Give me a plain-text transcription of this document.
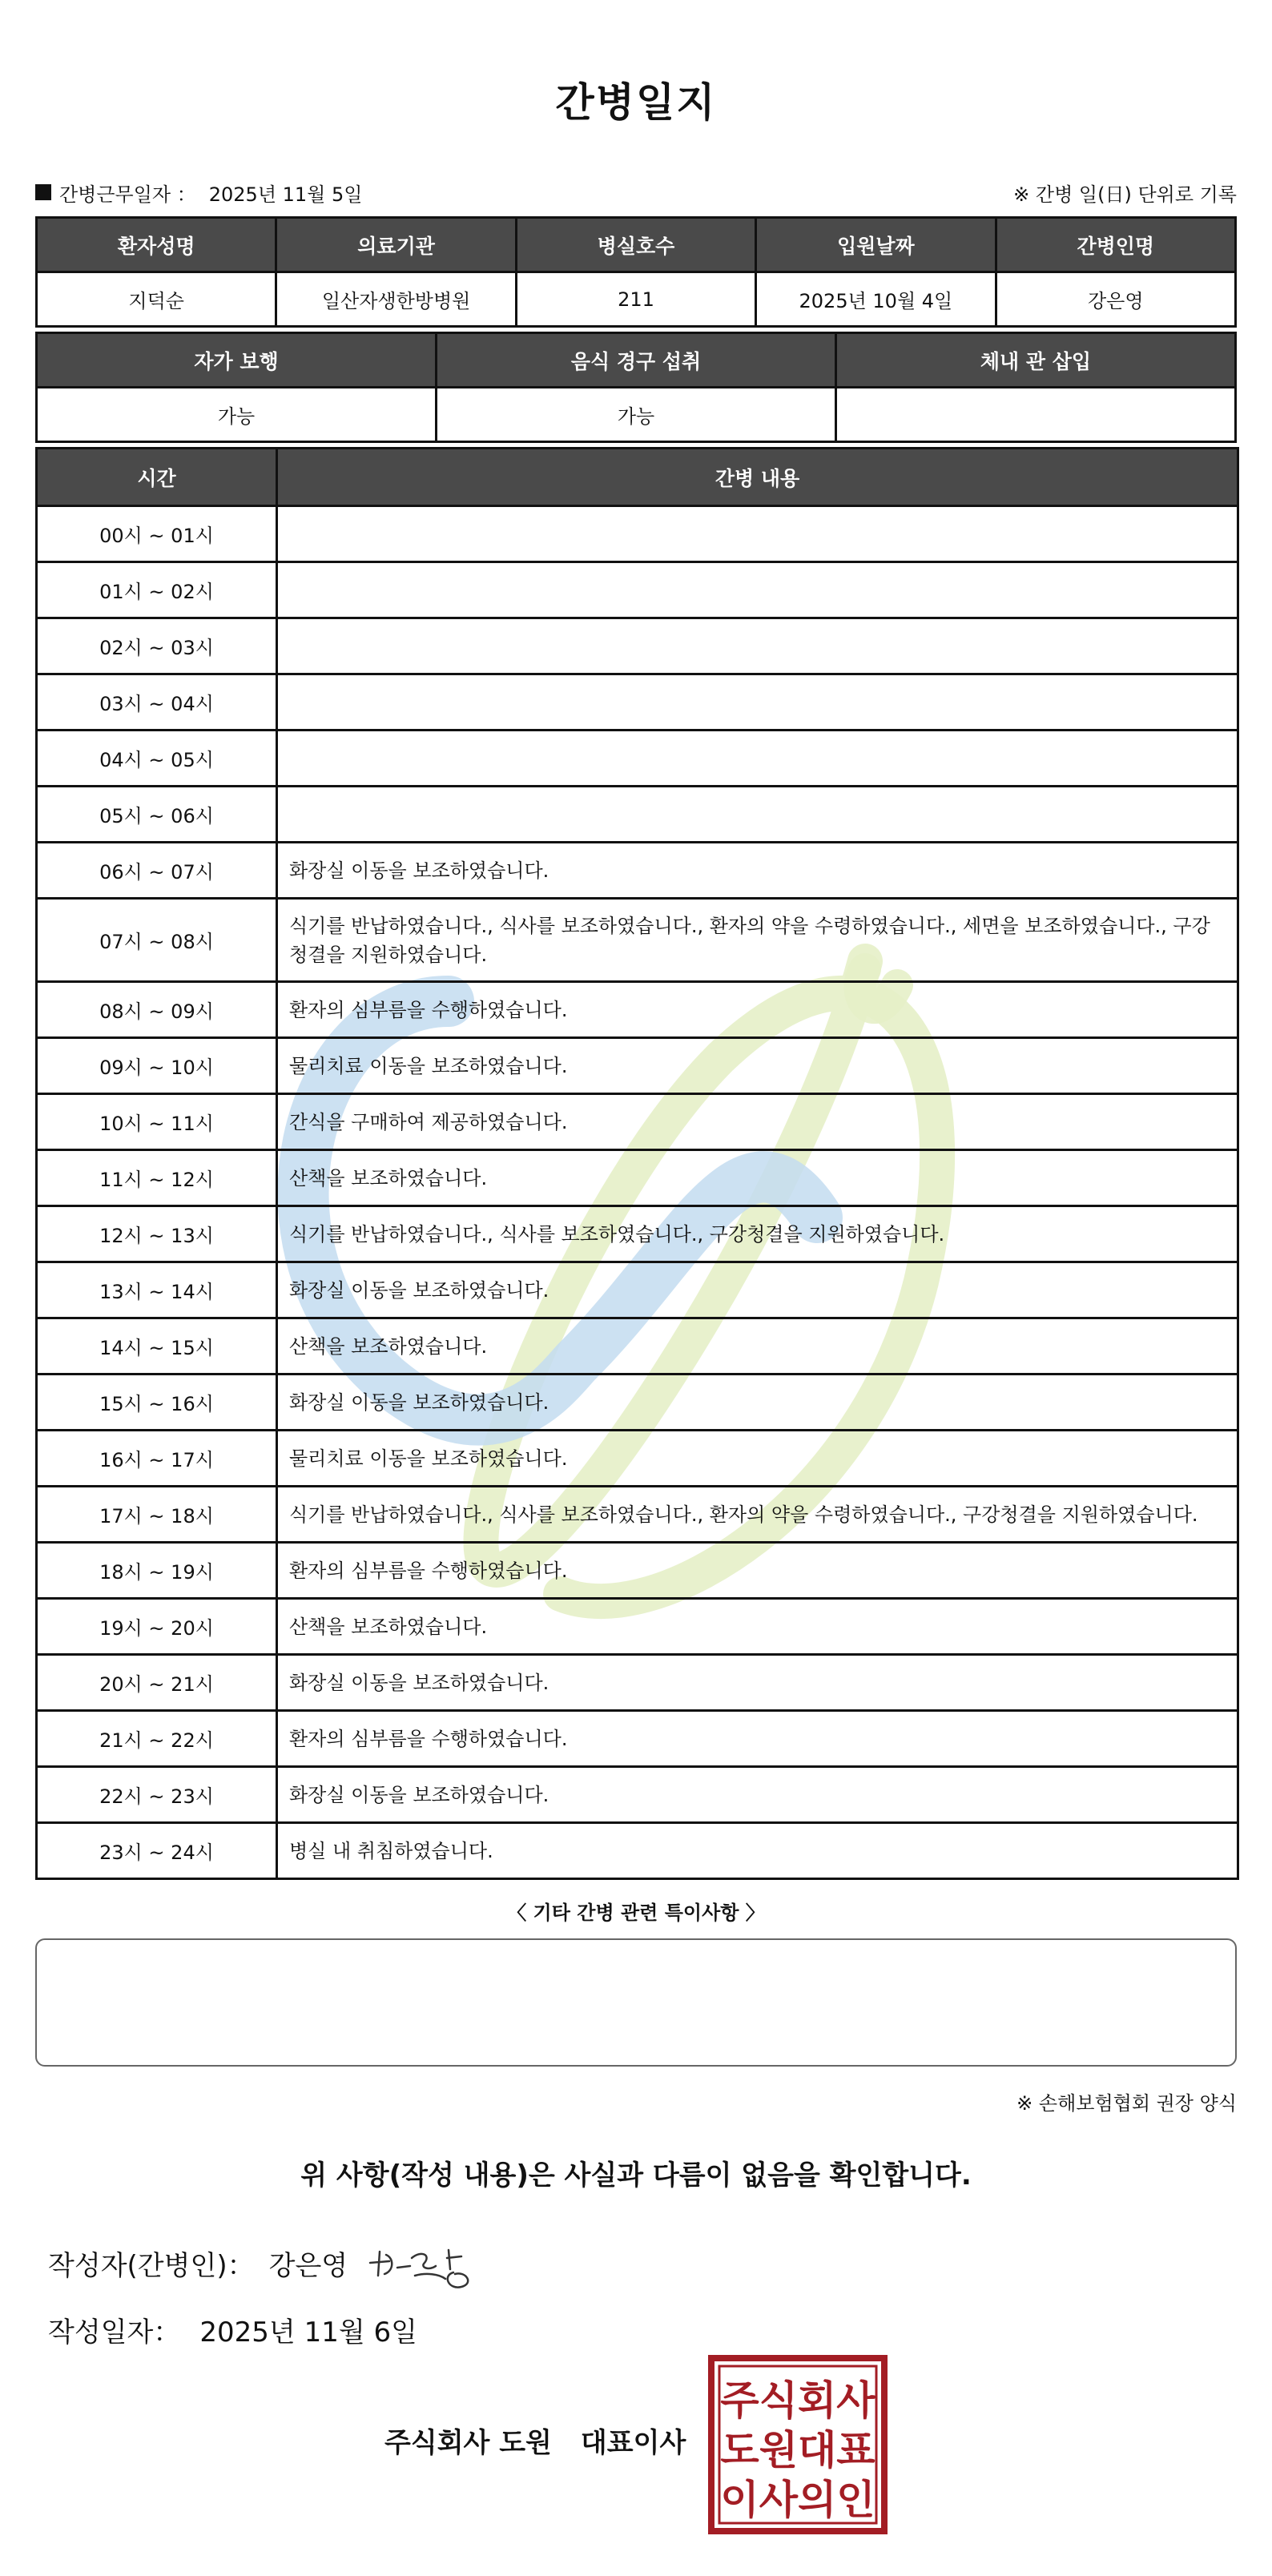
간병일지
간병근무일자 ： 2025년 11월 5일	※ 간병 일(日) 단위로 기록
환자성명	의료기관	병실호수	입원날짜	간병인명
지덕순	일산자생한방병원	211	2025년 10월 4일	강은영
자가 보행	음식 경구 섭취	체내 관 삽입
가능	가능	
시간	간병 내용
00시 ~ 01시	
01시 ~ 02시	
02시 ~ 03시	
03시 ~ 04시	
04시 ~ 05시	
05시 ~ 06시	
06시 ~ 07시	화장실 이동을 보조하였습니다.
07시 ~ 08시	식기를 반납하였습니다., 식사를 보조하였습니다., 환자의 약을 수령하였습니다., 세면을 보조하였습니다., 구강청결을 지원하였습니다.
08시 ~ 09시	환자의 심부름을 수행하였습니다.
09시 ~ 10시	물리치료 이동을 보조하였습니다.
10시 ~ 11시	간식을 구매하여 제공하였습니다.
11시 ~ 12시	산책을 보조하였습니다.
12시 ~ 13시	식기를 반납하였습니다., 식사를 보조하였습니다., 구강청결을 지원하였습니다.
13시 ~ 14시	화장실 이동을 보조하였습니다.
14시 ~ 15시	산책을 보조하였습니다.
15시 ~ 16시	화장실 이동을 보조하였습니다.
16시 ~ 17시	물리치료 이동을 보조하였습니다.
17시 ~ 18시	식기를 반납하였습니다., 식사를 보조하였습니다., 환자의 약을 수령하였습니다., 구강청결을 지원하였습니다.
18시 ~ 19시	환자의 심부름을 수행하였습니다.
19시 ~ 20시	산책을 보조하였습니다.
20시 ~ 21시	화장실 이동을 보조하였습니다.
21시 ~ 22시	환자의 심부름을 수행하였습니다.
22시 ~ 23시	화장실 이동을 보조하였습니다.
23시 ~ 24시	병실 내 취침하였습니다.
〈 기타 간병 관련 특이사항 〉
※ 손해보험협회 권장 양식
위 사항(작성 내용)은 사실과 다름이 없음을 확인합니다.
작성자(간병인)： 강은영
작성일자： 2025년 11월 6일
주식회사 도원 대표이사
주식회사
도원대표
이사의인
